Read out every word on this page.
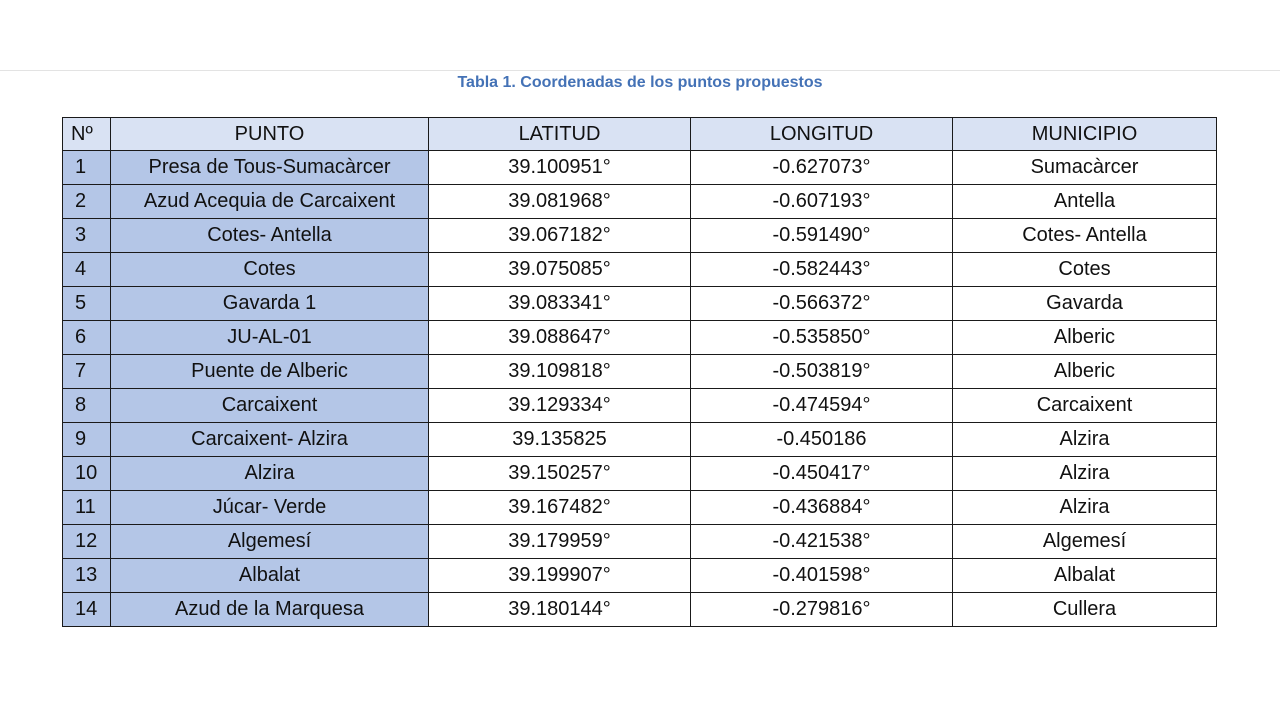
Tabla 1. Coordenadas de los puntos propuestos
Nº	PUNTO	LATITUD	LONGITUD	MUNICIPIO
1	Presa de Tous-Sumacàrcer	39.100951°	-0.627073°	Sumacàrcer
2	Azud Acequia de Carcaixent	39.081968°	-0.607193°	Antella
3	Cotes- Antella	39.067182°	-0.591490°	Cotes- Antella
4	Cotes	39.075085°	-0.582443°	Cotes
5	Gavarda 1	39.083341°	-0.566372°	Gavarda
6	JU-AL-01	39.088647°	-0.535850°	Alberic
7	Puente de Alberic	39.109818°	-0.503819°	Alberic
8	Carcaixent	39.129334°	-0.474594°	Carcaixent
9	Carcaixent- Alzira	39.135825	-0.450186	Alzira
10	Alzira	39.150257°	-0.450417°	Alzira
11	Júcar- Verde	39.167482°	-0.436884°	Alzira
12	Algemesí	39.179959°	-0.421538°	Algemesí
13	Albalat	39.199907°	-0.401598°	Albalat
14	Azud de la Marquesa	39.180144°	-0.279816°	Cullera
